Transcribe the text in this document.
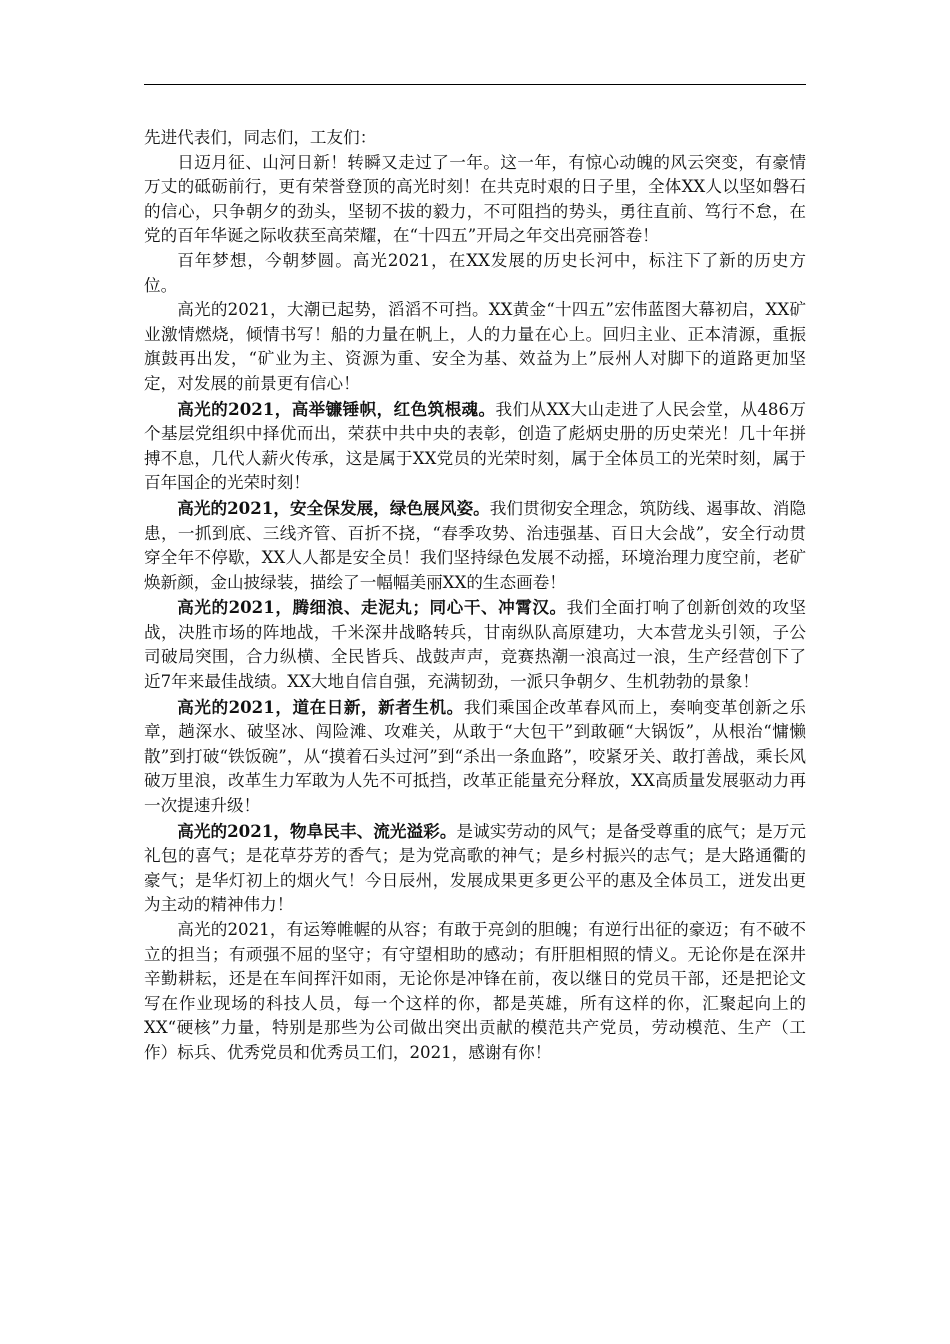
先进代表们，同志们，工友们：

日迈月征、山河日新！转瞬又走过了一年。这一年，有惊心动魄的风云突变，有豪情万丈的砥砺前行，更有荣誉登顶的高光时刻！在共克时艰的日子里，全体XX人以坚如磐石的信心，只争朝夕的劲头，坚韧不拔的毅力，不可阻挡的势头，勇往直前、笃行不怠，在党的百年华诞之际收获至高荣耀，在“十四五”开局之年交出亮丽答卷！

百年梦想，今朝梦圆。高光2021，在XX发展的历史长河中，标注下了新的历史方位。

高光的2021，大潮已起势，滔滔不可挡。XX黄金“十四五”宏伟蓝图大幕初启，XX矿业激情燃烧，倾情书写！船的力量在帆上，人的力量在心上。回归主业、正本清源，重振旗鼓再出发，“矿业为主、资源为重、安全为基、效益为上”辰州人对脚下的道路更加坚定，对发展的前景更有信心！

高光的2021，高举镰锤帜，红色筑根魂。我们从XX大山走进了人民会堂，从486万个基层党组织中择优而出，荣获中共中央的表彰，创造了彪炳史册的历史荣光！几十年拼搏不息，几代人薪火传承，这是属于XX党员的光荣时刻，属于全体员工的光荣时刻，属于百年国企的光荣时刻！

高光的2021，安全保发展，绿色展风姿。我们贯彻安全理念，筑防线、遏事故、消隐患，一抓到底、三线齐管、百折不挠，“春季攻势、治违强基、百日大会战”，安全行动贯穿全年不停歇，XX人人都是安全员！我们坚持绿色发展不动摇，环境治理力度空前，老矿焕新颜，金山披绿装，描绘了一幅幅美丽XX的生态画卷！

高光的2021，腾细浪、走泥丸；同心干、冲霄汉。我们全面打响了创新创效的攻坚战，决胜市场的阵地战，千米深井战略转兵，甘南纵队高原建功，大本营龙头引领，子公司破局突围，合力纵横、全民皆兵、战鼓声声，竞赛热潮一浪高过一浪，生产经营创下了近7年来最佳战绩。XX大地自信自强，充满韧劲，一派只争朝夕、生机勃勃的景象！

高光的2021，道在日新，新者生机。我们乘国企改革春风而上，奏响变革创新之乐章，趟深水、破坚冰、闯险滩、攻难关，从敢于“大包干”到敢砸“大锅饭”，从根治“慵懒散”到打破“铁饭碗”，从“摸着石头过河”到“杀出一条血路”，咬紧牙关、敢打善战，乘长风破万里浪，改革生力军敢为人先不可抵挡，改革正能量充分释放，XX高质量发展驱动力再一次提速升级！

高光的2021，物阜民丰、流光溢彩。是诚实劳动的风气；是备受尊重的底气；是万元礼包的喜气；是花草芬芳的香气；是为党高歌的神气；是乡村振兴的志气；是大路通衢的豪气；是华灯初上的烟火气！今日辰州，发展成果更多更公平的惠及全体员工，迸发出更为主动的精神伟力！

高光的2021，有运筹帷幄的从容；有敢于亮剑的胆魄；有逆行出征的豪迈；有不破不立的担当；有顽强不屈的坚守；有守望相助的感动；有肝胆相照的情义。无论你是在深井辛勤耕耘，还是在车间挥汗如雨，无论你是冲锋在前，夜以继日的党员干部，还是把论文写在作业现场的科技人员，每一个这样的你，都是英雄，所有这样的你，汇聚起向上的XX“硬核”力量，特别是那些为公司做出突出贡献的模范共产党员，劳动模范、生产（工作）标兵、优秀党员和优秀员工们，2021，感谢有你！
